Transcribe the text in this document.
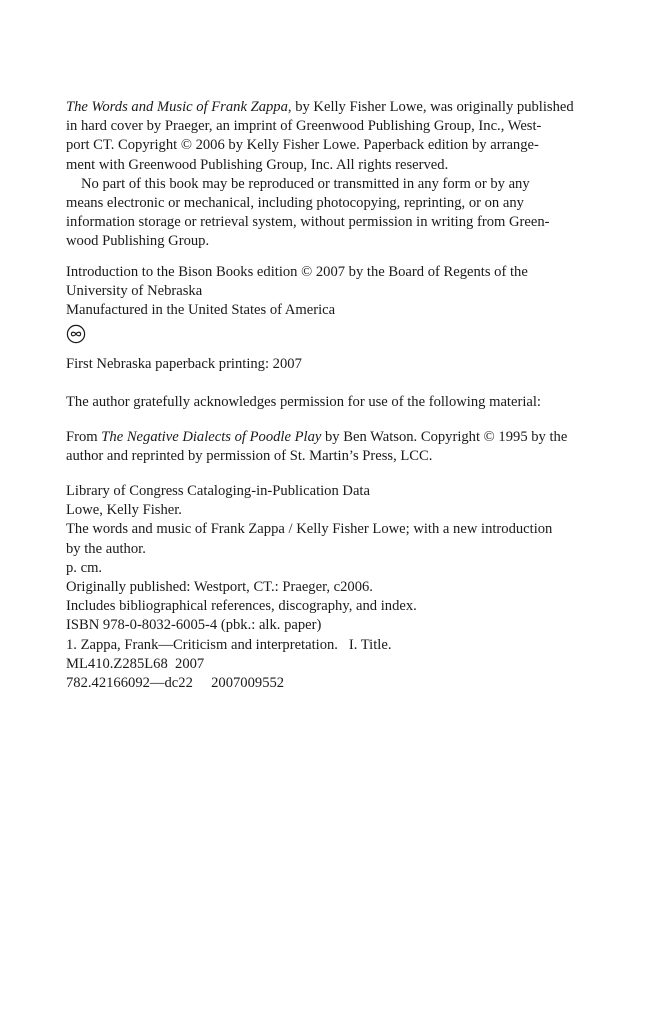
The Words and Music of Frank Zappa, by Kelly Fisher Lowe, was originally published
in hard cover by Praeger, an imprint of Greenwood Publishing Group, Inc., West-
port CT. Copyright © 2006 by Kelly Fisher Lowe. Paperback edition by arrange-
ment with Greenwood Publishing Group, Inc. All rights reserved.
No part of this book may be reproduced or transmitted in any form or by any
means electronic or mechanical, including photocopying, reprinting, or on any
information storage or retrieval system, without permission in writing from Green-
wood Publishing Group.

Introduction to the Bison Books edition © 2007 by the Board of Regents of the
University of Nebraska
Manufactured in the United States of America

First Nebraska paperback printing: 2007

The author gratefully acknowledges permission for use of the following material:

From The Negative Dialects of Poodle Play by Ben Watson. Copyright © 1995 by the
author and reprinted by permission of St. Martin’s Press, LCC.

Library of Congress Cataloging-in-Publication Data
Lowe, Kelly Fisher.
The words and music of Frank Zappa / Kelly Fisher Lowe; with a new introduction
by the author.
p. cm.
Originally published: Westport, CT.: Praeger, c2006.
Includes bibliographical references, discography, and index.
ISBN 978-0-8032-6005-4 (pbk.: alk. paper)
1. Zappa, Frank—Criticism and interpretation.   I. Title.
ML410.Z285L68  2007
782.42166092—dc22     2007009552
